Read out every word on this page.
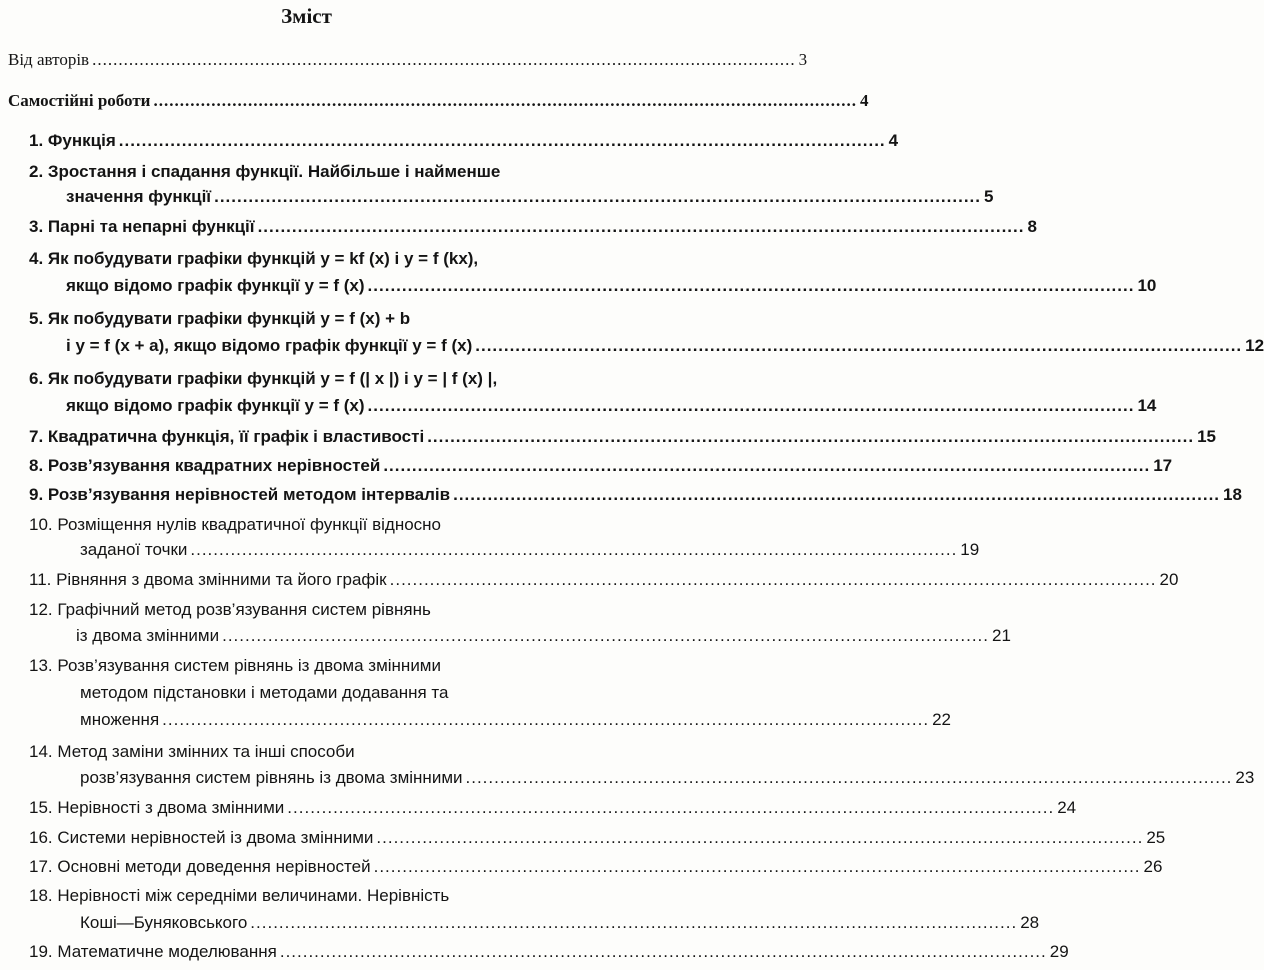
Зміст
Від авторів ...................................................................................................................................... 3
Самостійні роботи ...................................................................................................................................... 4
1. Функція ...................................................................................................................................... 4
2. Зростання і спадання функції. Найбільше і найменше
значення функції ...................................................................................................................................... 5
3. Парні та непарні функції ...................................................................................................................................... 8
4. Як побудувати графіки функцій y = kf (x) і y = f (kx),
якщо відомо графік функції y = f (x) ...................................................................................................................................... 10
5. Як побудувати графіки функцій y = f (x) + b
і y = f (x + a), якщо відомо графік функції y = f (x) ...................................................................................................................................... 12
6. Як побудувати графіки функцій y = f (| x |) і y = | f (x) |,
якщо відомо графік функції y = f (x) ...................................................................................................................................... 14
7. Квадратична функція, її графік і властивості ...................................................................................................................................... 15
8. Розв’язування квадратних нерівностей ...................................................................................................................................... 17
9. Розв’язування нерівностей методом інтервалів ...................................................................................................................................... 18
10. Розміщення нулів квадратичної функції відносно
заданої точки ...................................................................................................................................... 19
11. Рівняння з двома змінними та його графік ...................................................................................................................................... 20
12. Графічний метод розв’язування систем рівнянь
із двома змінними ...................................................................................................................................... 21
13. Розв’язування систем рівнянь із двома змінними
методом підстановки і методами додавання та
множення ...................................................................................................................................... 22
14. Метод заміни змінних та інші способи
розв’язування систем рівнянь із двома змінними ...................................................................................................................................... 23
15. Нерівності з двома змінними ...................................................................................................................................... 24
16. Системи нерівностей із двома змінними ...................................................................................................................................... 25
17. Основні методи доведення нерівностей ...................................................................................................................................... 26
18. Нерівності між середніми величинами. Нерівність
Коші—Буняковського ...................................................................................................................................... 28
19. Математичне моделювання ...................................................................................................................................... 29
